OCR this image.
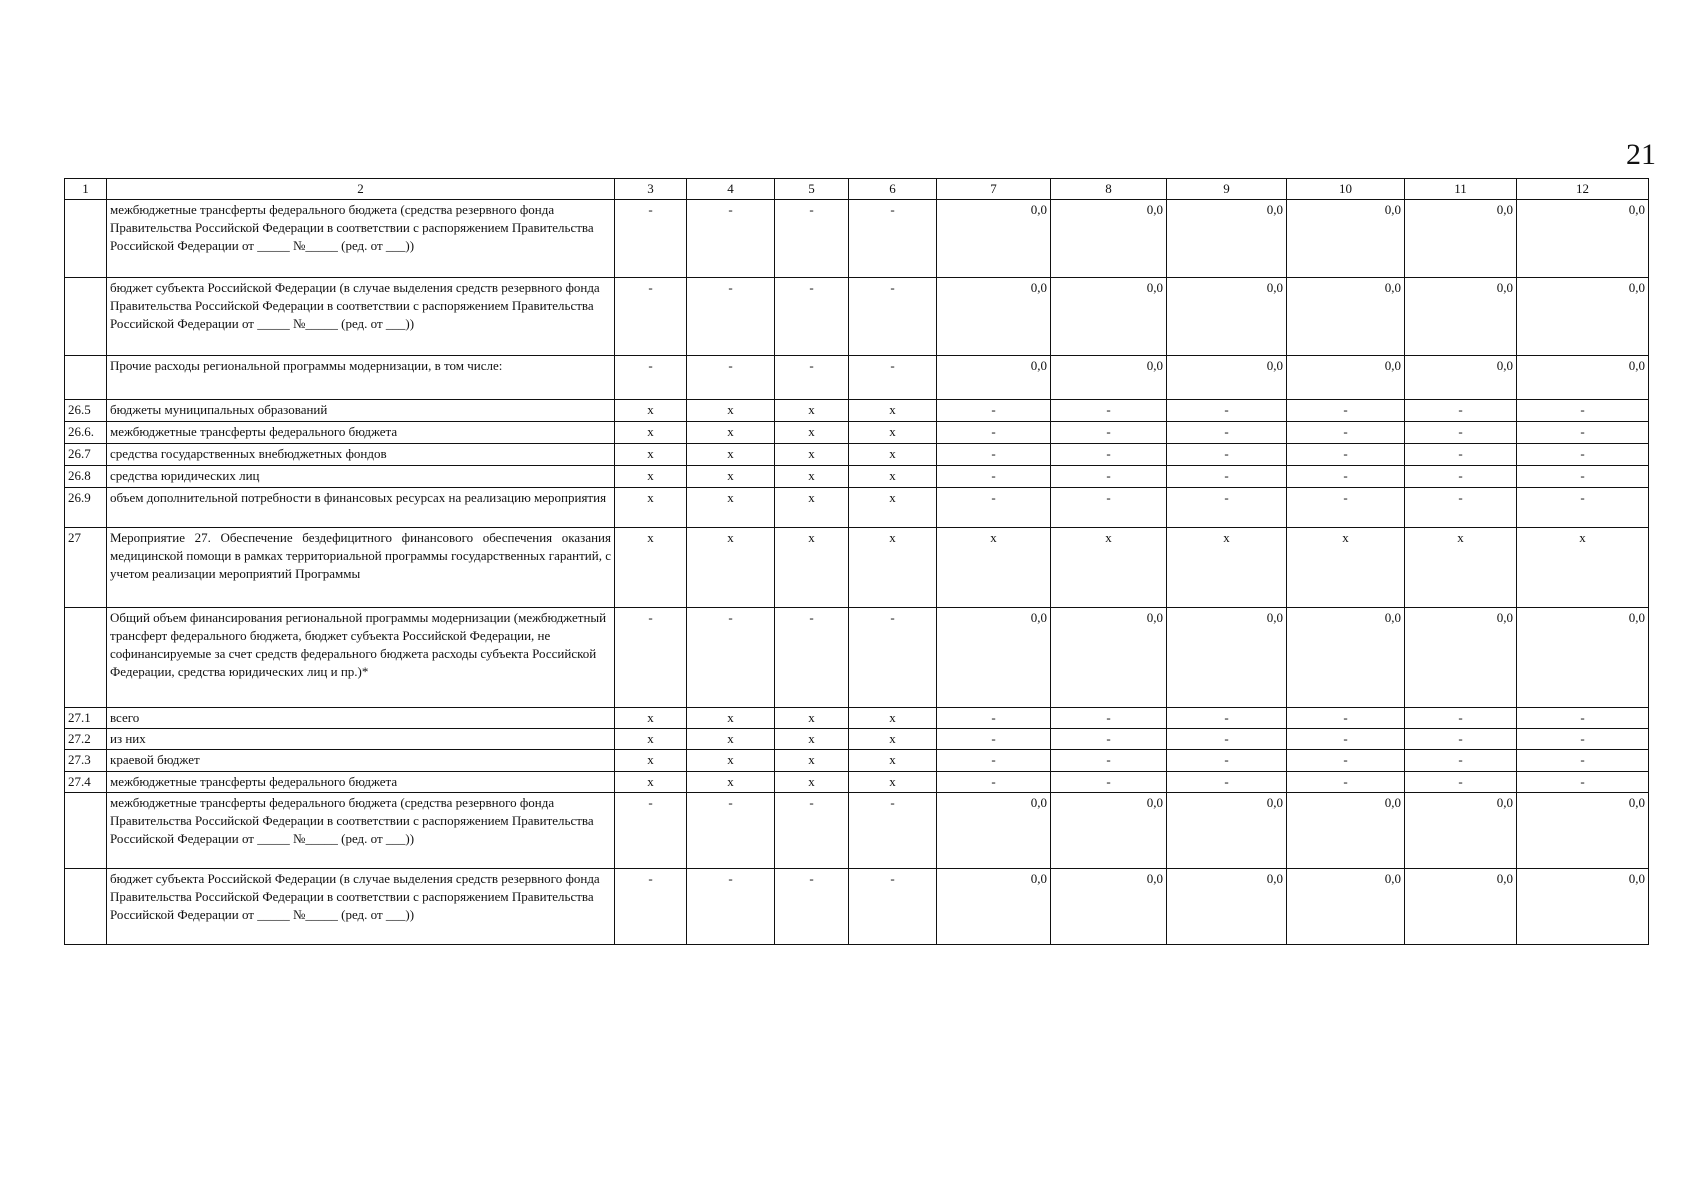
21
1	2	3	4	5	6	7	8	9	10	11	12
	межбюджетные трансферты федерального бюджета (средства резервного фонда Правительства Российской Федерации в соответствии с распоряжением Правительства Российской Федерации от _____ №_____ (ред. от ___))	-	-	-	-	0,0	0,0	0,0	0,0	0,0	0,0
	бюджет субъекта Российской Федерации (в случае выделения средств резервного фонда Правительства Российской Федерации в соответствии с распоряжением Правительства Российской Федерации от _____ №_____ (ред. от ___))	-	-	-	-	0,0	0,0	0,0	0,0	0,0	0,0
	Прочие расходы региональной программы модернизации, в том числе:	-	-	-	-	0,0	0,0	0,0	0,0	0,0	0,0
26.5	бюджеты муниципальных образований	x	x	x	x	-	-	-	-	-	-
26.6.	межбюджетные трансферты федерального бюджета	x	x	x	x	-	-	-	-	-	-
26.7	средства государственных внебюджетных фондов	x	x	x	x	-	-	-	-	-	-
26.8	средства юридических лиц	x	x	x	x	-	-	-	-	-	-
26.9	объем дополнительной потребности в финансовых ресурсах на реализацию мероприятия	x	x	x	x	-	-	-	-	-	-
27	Мероприятие 27. Обеспечение бездефицитного финансового обеспечения оказания медицинской помощи в рамках территориальной программы государственных гарантий, с учетом реализации мероприятий Программы	x	x	x	x	x	x	x	x	x	x
	Общий объем финансирования региональной программы модернизации (межбюджетный трансферт федерального бюджета, бюджет субъекта Российской Федерации, не софинансируемые за счет средств федерального бюджета расходы субъекта Российской Федерации, средства юридических лиц и пр.)*	-	-	-	-	0,0	0,0	0,0	0,0	0,0	0,0
27.1	всего	x	x	x	x	-	-	-	-	-	-
27.2	из них	x	x	x	x	-	-	-	-	-	-
27.3	краевой бюджет	x	x	x	x	-	-	-	-	-	-
27.4	межбюджетные трансферты федерального бюджета	x	x	x	x	-	-	-	-	-	-
	межбюджетные трансферты федерального бюджета (средства резервного фонда Правительства Российской Федерации в соответствии с распоряжением Правительства Российской Федерации от _____ №_____ (ред. от ___))	-	-	-	-	0,0	0,0	0,0	0,0	0,0	0,0
	бюджет субъекта Российской Федерации (в случае выделения средств резервного фонда Правительства Российской Федерации в соответствии с распоряжением Правительства Российской Федерации от _____ №_____ (ред. от ___))	-	-	-	-	0,0	0,0	0,0	0,0	0,0	0,0
